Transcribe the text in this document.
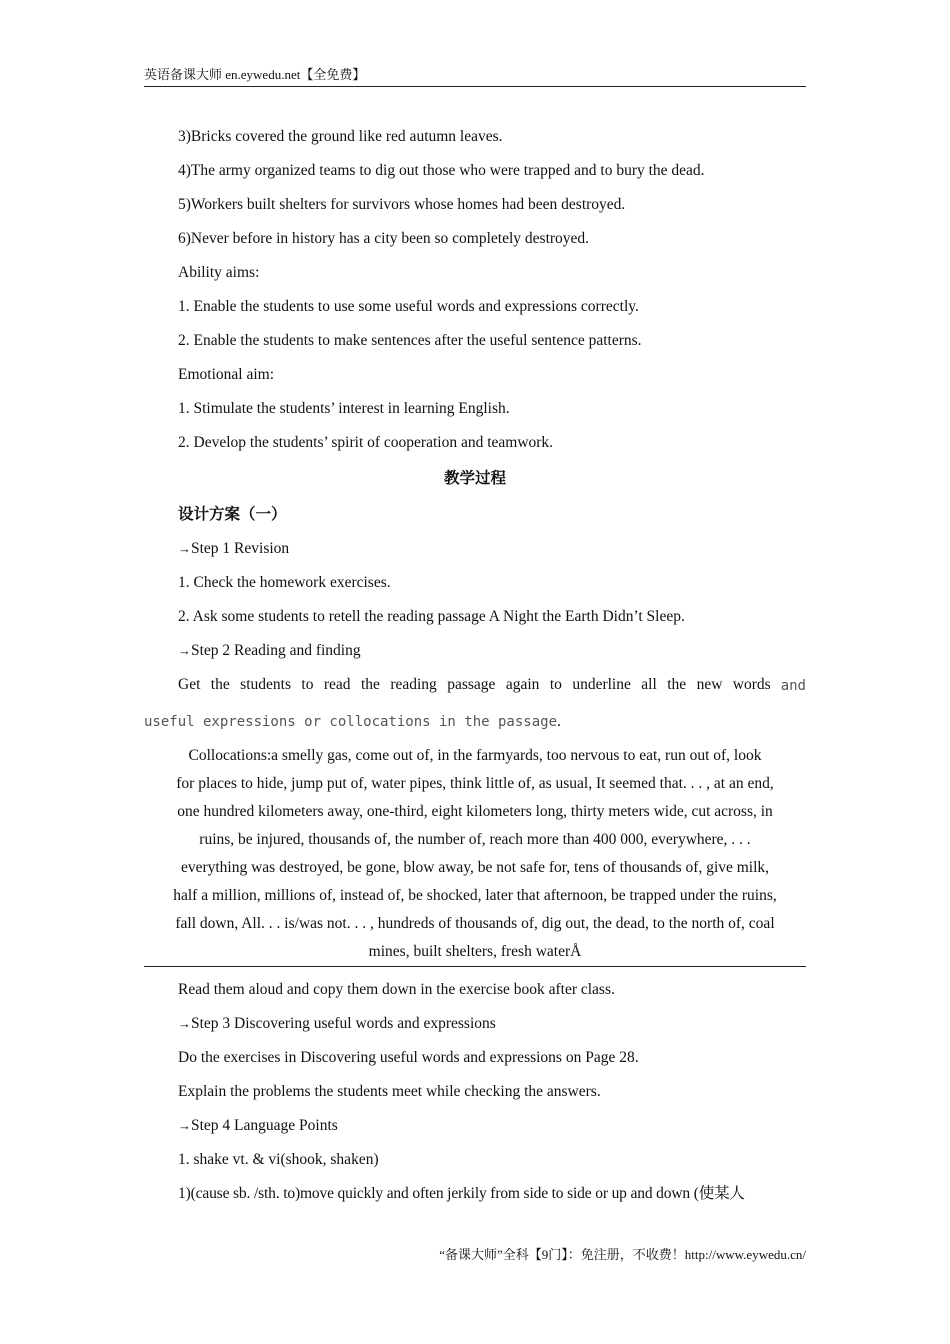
英语备课大师 en.eywedu.net【全免费】
3)Bricks covered the ground like red autumn leaves.
4)The army organized teams to dig out those who were trapped and to bury the dead.
5)Workers built shelters for survivors whose homes had been destroyed.
6)Never before in history has a city been so completely destroyed.
Ability aims:
1. Enable the students to use some useful words and expressions correctly.
2. Enable the students to make sentences after the useful sentence patterns.
Emotional aim:
1. Stimulate the students’ interest in learning English.
2. Develop the students’ spirit of cooperation and teamwork.
教学过程
设计方案（一）
→Step 1 Revision
1. Check the homework exercises.
2. Ask some students to retell the reading passage A Night the Earth Didn’t Sleep.
→Step 2 Reading and finding
Get the students to read the reading passage again to underline all the new words and
useful expressions or collocations in the passage.
Collocations:a smelly gas, come out of, in the farmyards, too nervous to eat, run out of, look
for places to hide, jump put of, water pipes, think little of, as usual, It seemed that. . . , at an end,
one hundred kilometers away, one-third, eight kilometers long, thirty meters wide, cut across, in
ruins, be injured, thousands of, the number of, reach more than 400 000, everywhere, . . .
everything was destroyed, be gone, blow away, be not safe for, tens of thousands of, give milk,
half a million, millions of, instead of, be shocked, later that afternoon, be trapped under the ruins,
fall down, All. . . is/was not. . . , hundreds of thousands of, dig out, the dead, to the north of, coal
mines, built shelters, fresh waterÅ
Read them aloud and copy them down in the exercise book after class.
→Step 3 Discovering useful words and expressions
Do the exercises in Discovering useful words and expressions on Page 28.
Explain the problems the students meet while checking the answers.
→Step 4 Language Points
1. shake vt. & vi(shook, shaken)
1)(cause sb. /sth. to)move quickly and often jerkily from side to side or up and down (使某人
“备课大师”全科【9门】：免注册，不收费！http://www.eywedu.cn/
